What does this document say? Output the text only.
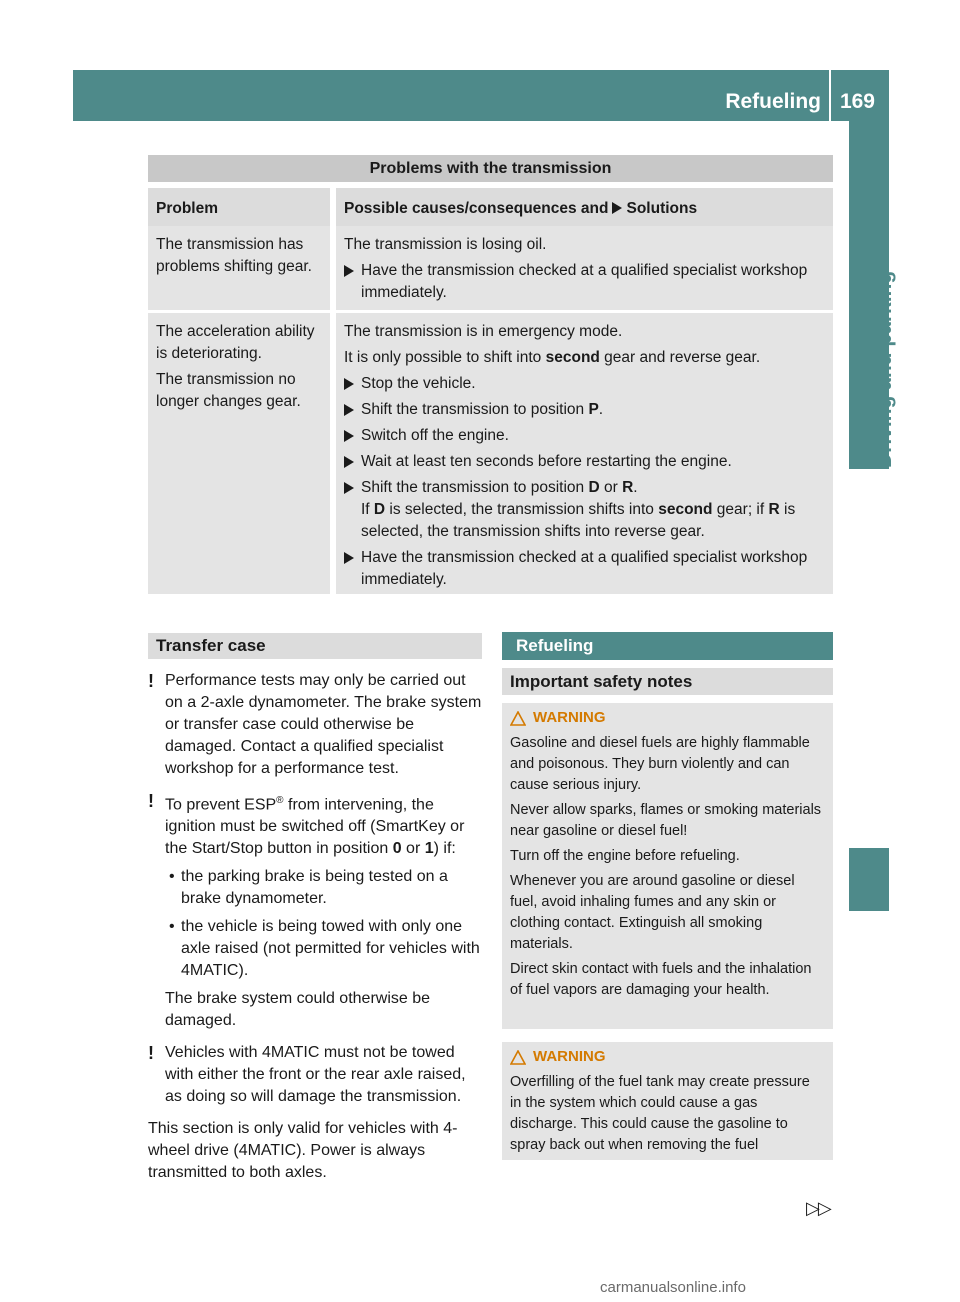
Refueling 169
Driving and parking
Problems with the transmission
Problem	Possible causes/consequences and Solutions
The transmission has problems shifting gear.
The transmission is losing oil.
Have the transmission checked at a qualified specialist workshop immediately.
The acceleration ability is deteriorating.
The transmission no longer changes gear.
The transmission is in emergency mode.
It is only possible to shift into second gear and reverse gear.
Stop the vehicle.
Shift the transmission to position P.
Switch off the engine.
Wait at least ten seconds before restarting the engine.
Shift the transmission to position D or R.
If D is selected, the transmission shifts into second gear; if R is selected, the transmission shifts into reverse gear.
Have the transmission checked at a qualified specialist workshop immediately.
Transfer case
! Performance tests may only be carried out on a 2-axle dynamometer. The brake system or transfer case could otherwise be damaged. Contact a qualified specialist workshop for a performance test.
! To prevent ESP® from intervening, the ignition must be switched off (SmartKey or the Start/Stop button in position 0 or 1) if:
• the parking brake is being tested on a brake dynamometer.
• the vehicle is being towed with only one axle raised (not permitted for vehicles with 4MATIC).
The brake system could otherwise be damaged.
! Vehicles with 4MATIC must not be towed with either the front or the rear axle raised, as doing so will damage the transmission.
This section is only valid for vehicles with 4-wheel drive (4MATIC). Power is always transmitted to both axles.
Refueling
Important safety notes
WARNING

Gasoline and diesel fuels are highly flammable and poisonous. They burn violently and can cause serious injury.

Never allow sparks, flames or smoking materials near gasoline or diesel fuel!

Turn off the engine before refueling.

Whenever you are around gasoline or diesel fuel, avoid inhaling fumes and any skin or clothing contact. Extinguish all smoking materials.

Direct skin contact with fuels and the inhalation of fuel vapors are damaging your health.

WARNING

Overfilling of the fuel tank may create pressure in the system which could cause a gas discharge. This could cause the gasoline to spray back out when removing the fuel

▷▷
carmanualsonline.info
